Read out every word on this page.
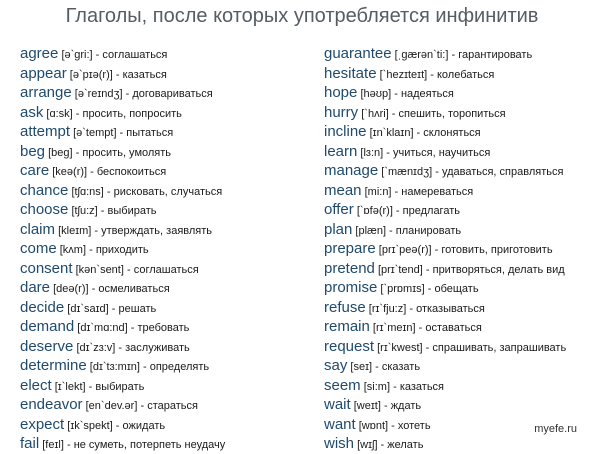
Глаголы, после которых употребляется инфинитив
agree [ə`gri:] - соглашаться
appear [ə`pɪə(r)] - казаться
arrange [ə`reɪndʒ] - договариваться
ask [ɑ:sk] - просить, попросить
attempt [ə`tempt] - пытаться
beg [beg] - просить, умолять
care [keə(r)] - беспокоиться
chance [tʃɑ:ns] - рисковать, случаться
choose [tʃu:z] - выбирать
claim [kleɪm] - утверждать, заявлять
come [kʌm] - приходить
consent [kən`sent] - соглашаться
dare [deə(r)] - осмеливаться
decide [dɪ`saɪd] - решать
demand [dɪ`mɑ:nd] - требовать
deserve [dɪ`zɜ:v] - заслуживать
determine [dɪ`tɜ:mɪn] - определять
elect [ɪ`lekt] - выбирать
endeavor [en`dev.ər] - стараться
expect [ɪk`spekt] - ожидать
fail [feɪl] - не суметь, потерпеть неудачу
guarantee [ˌgærən`ti:] - гарантировать
hesitate [`hezɪteɪt] - колебаться
hope [həʊp] - надеяться
hurry [`hʌri] - спешить, торопиться
incline [ɪn`klaɪn] - склоняться
learn [lɜ:n] - учиться, научиться
manage [`mænɪdʒ] - удаваться, справляться
mean [mi:n] - намереваться
offer [`ɒfə(r)] - предлагать
plan [plæn] - планировать
prepare [prɪ`peə(r)] - готовить, приготовить
pretend [prɪ`tend] - притворяться, делать вид
promise [`prɒmɪs] - обещать
refuse [rɪ`fju:z] - отказываться
remain [rɪ`meɪn] - оставаться
request [rɪ`kwest] - спрашивать, запрашивать
say [seɪ] - сказать
seem [si:m] - казаться
wait [weɪt] - ждать
want [wɒnt] - хотеть
wish [wɪʃ] - желать
myefe.ru
